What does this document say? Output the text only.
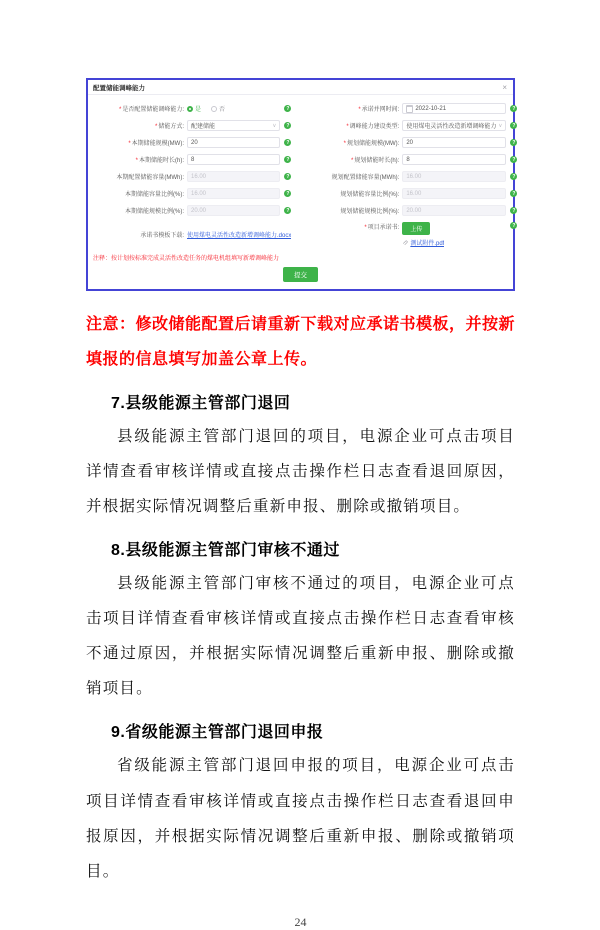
配置储能调峰能力	×
*是否配置储能调峰能力: 是	否	?	*承诺并网时间:	2022-10-21	?
*储能方式: 配建储能	∨	?	*调峰能力建设类型: 使用煤电灵活性改造新增调峰能力 ∨	?
*本期储能规模(MW): 20	?	*规划储能规模(MW): 20	?
*本期储能时长(h): 8	?	*规划储能时长(h): 8	?
本期配置储能容量(MWh): 16.00	?	规划配置储能容量(MWh): 16.00	?
本期储能容量比例(%): 16.00	?	规划储能容量比例(%): 16.00	?
本期储能规模比例(%): 20.00	?	规划储能规模比例(%): 20.00	?
承诺书模板下载: 使用煤电灵活性改造新增调峰能力.docx
*项目承诺书:	上传
测试附件.pdf
?
注释：按计划按标准完成灵活性改造任务的煤电机组填写新增调峰能力
提交

注意：修改储能配置后请重新下载对应承诺书模板，并按新填报的信息填写加盖公章上传。

7.县级能源主管部门退回

县级能源主管部门退回的项目，电源企业可点击项目详情查看审核详情或直接点击操作栏日志查看退回原因，并根据实际情况调整后重新申报、删除或撤销项目。

8.县级能源主管部门审核不通过

县级能源主管部门审核不通过的项目，电源企业可点击项目详情查看审核详情或直接点击操作栏日志查看审核不通过原因，并根据实际情况调整后重新申报、删除或撤销项目。

9.省级能源主管部门退回申报

省级能源主管部门退回申报的项目，电源企业可点击项目详情查看审核详情或直接点击操作栏日志查看退回申报原因，并根据实际情况调整后重新申报、删除或撤销项目。

24
